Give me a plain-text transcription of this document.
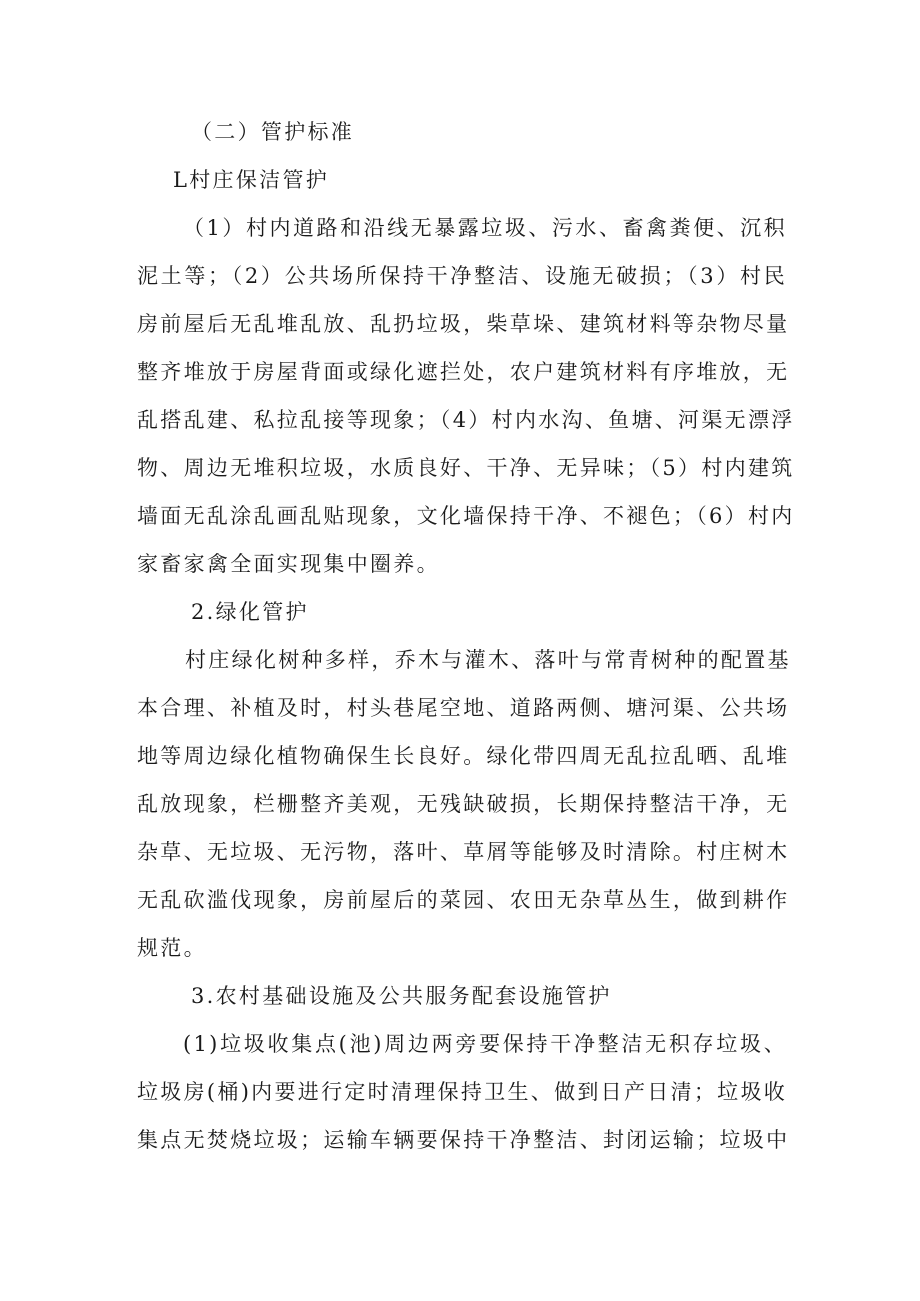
（二）管护标准
L村庄保洁管护
（1）村内道路和沿线无暴露垃圾、污水、畜禽粪便、沉积
泥土等；（2）公共场所保持干净整洁、设施无破损；（3）村民
房前屋后无乱堆乱放、乱扔垃圾，柴草垛、建筑材料等杂物尽量
整齐堆放于房屋背面或绿化遮拦处，农户建筑材料有序堆放，无
乱搭乱建、私拉乱接等现象；（4）村内水沟、鱼塘、河渠无漂浮
物、周边无堆积垃圾，水质良好、干净、无异味；（5）村内建筑
墙面无乱涂乱画乱贴现象，文化墙保持干净、不褪色；（6）村内
家畜家禽全面实现集中圈养。
2.绿化管护
村庄绿化树种多样，乔木与灌木、落叶与常青树种的配置基
本合理、补植及时，村头巷尾空地、道路两侧、塘河渠、公共场
地等周边绿化植物确保生长良好。绿化带四周无乱拉乱晒、乱堆
乱放现象，栏栅整齐美观，无残缺破损，长期保持整洁干净，无
杂草、无垃圾、无污物，落叶、草屑等能够及时清除。村庄树木
无乱砍滥伐现象，房前屋后的菜园、农田无杂草丛生，做到耕作
规范。
3.农村基础设施及公共服务配套设施管护
(1)垃圾收集点(池)周边两旁要保持干净整洁无积存垃圾、
垃圾房(桶)内要进行定时清理保持卫生、做到日产日清；垃圾收
集点无焚烧垃圾；运输车辆要保持干净整洁、封闭运输；垃圾中
